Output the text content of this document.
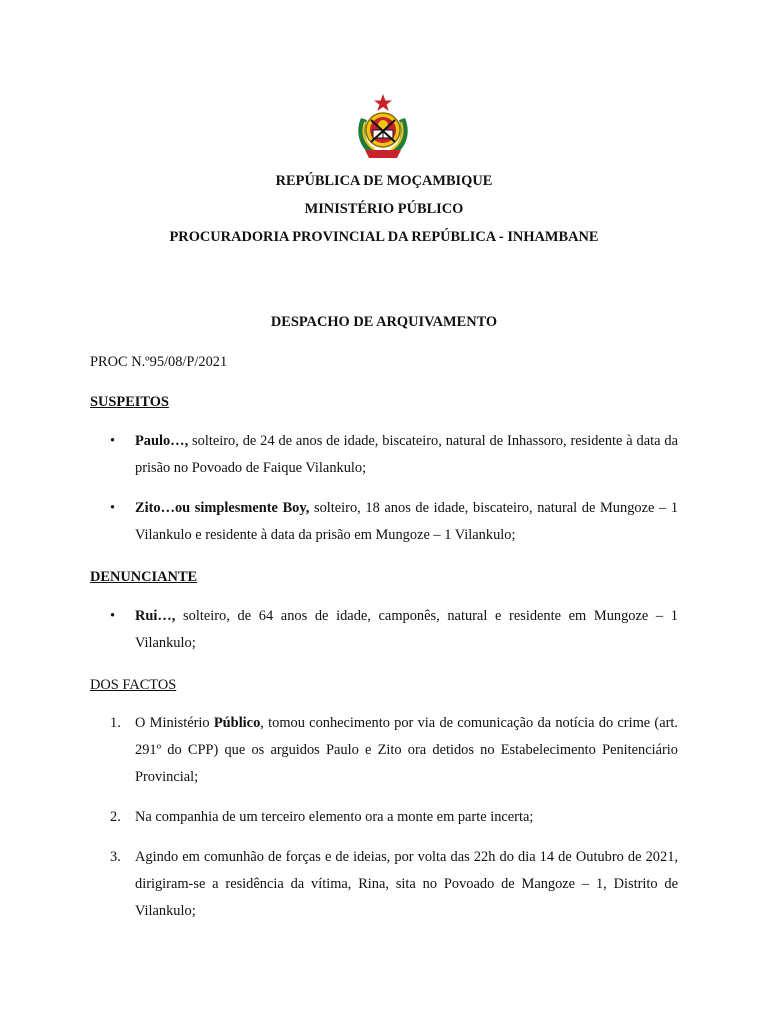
REPÚBLICA DE MOÇAMBIQUE
MINISTÉRIO PÚBLICO
PROCURADORIA PROVINCIAL DA REPÚBLICA - INHAMBANE
DESPACHO DE ARQUIVAMENTO
PROC N.º95/08/P/2021
SUSPEITOS
• Paulo…, solteiro, de 24 de anos de idade, biscateiro, natural de Inhassoro, residente à data da prisão no Povoado de Faique Vilankulo;
• Zito…ou simplesmente Boy, solteiro, 18 anos de idade, biscateiro, natural de Mungoze – 1 Vilankulo e residente à data da prisão em Mungoze – 1 Vilankulo;
DENUNCIANTE
• Rui…, solteiro, de 64 anos de idade, camponês, natural e residente em Mungoze – 1 Vilankulo;
DOS FACTOS
1. O Ministério Público, tomou conhecimento por via de comunicação da notícia do crime (art. 291º do CPP) que os arguidos Paulo e Zito ora detidos no Estabelecimento Penitenciário Provincial;
2. Na companhia de um terceiro elemento ora a monte em parte incerta;
3. Agindo em comunhão de forças e de ideias, por volta das 22h do dia 14 de Outubro de 2021, dirigiram-se a residência da vítima, Rina, sita no Povoado de Mangoze – 1, Distrito de Vilankulo;
